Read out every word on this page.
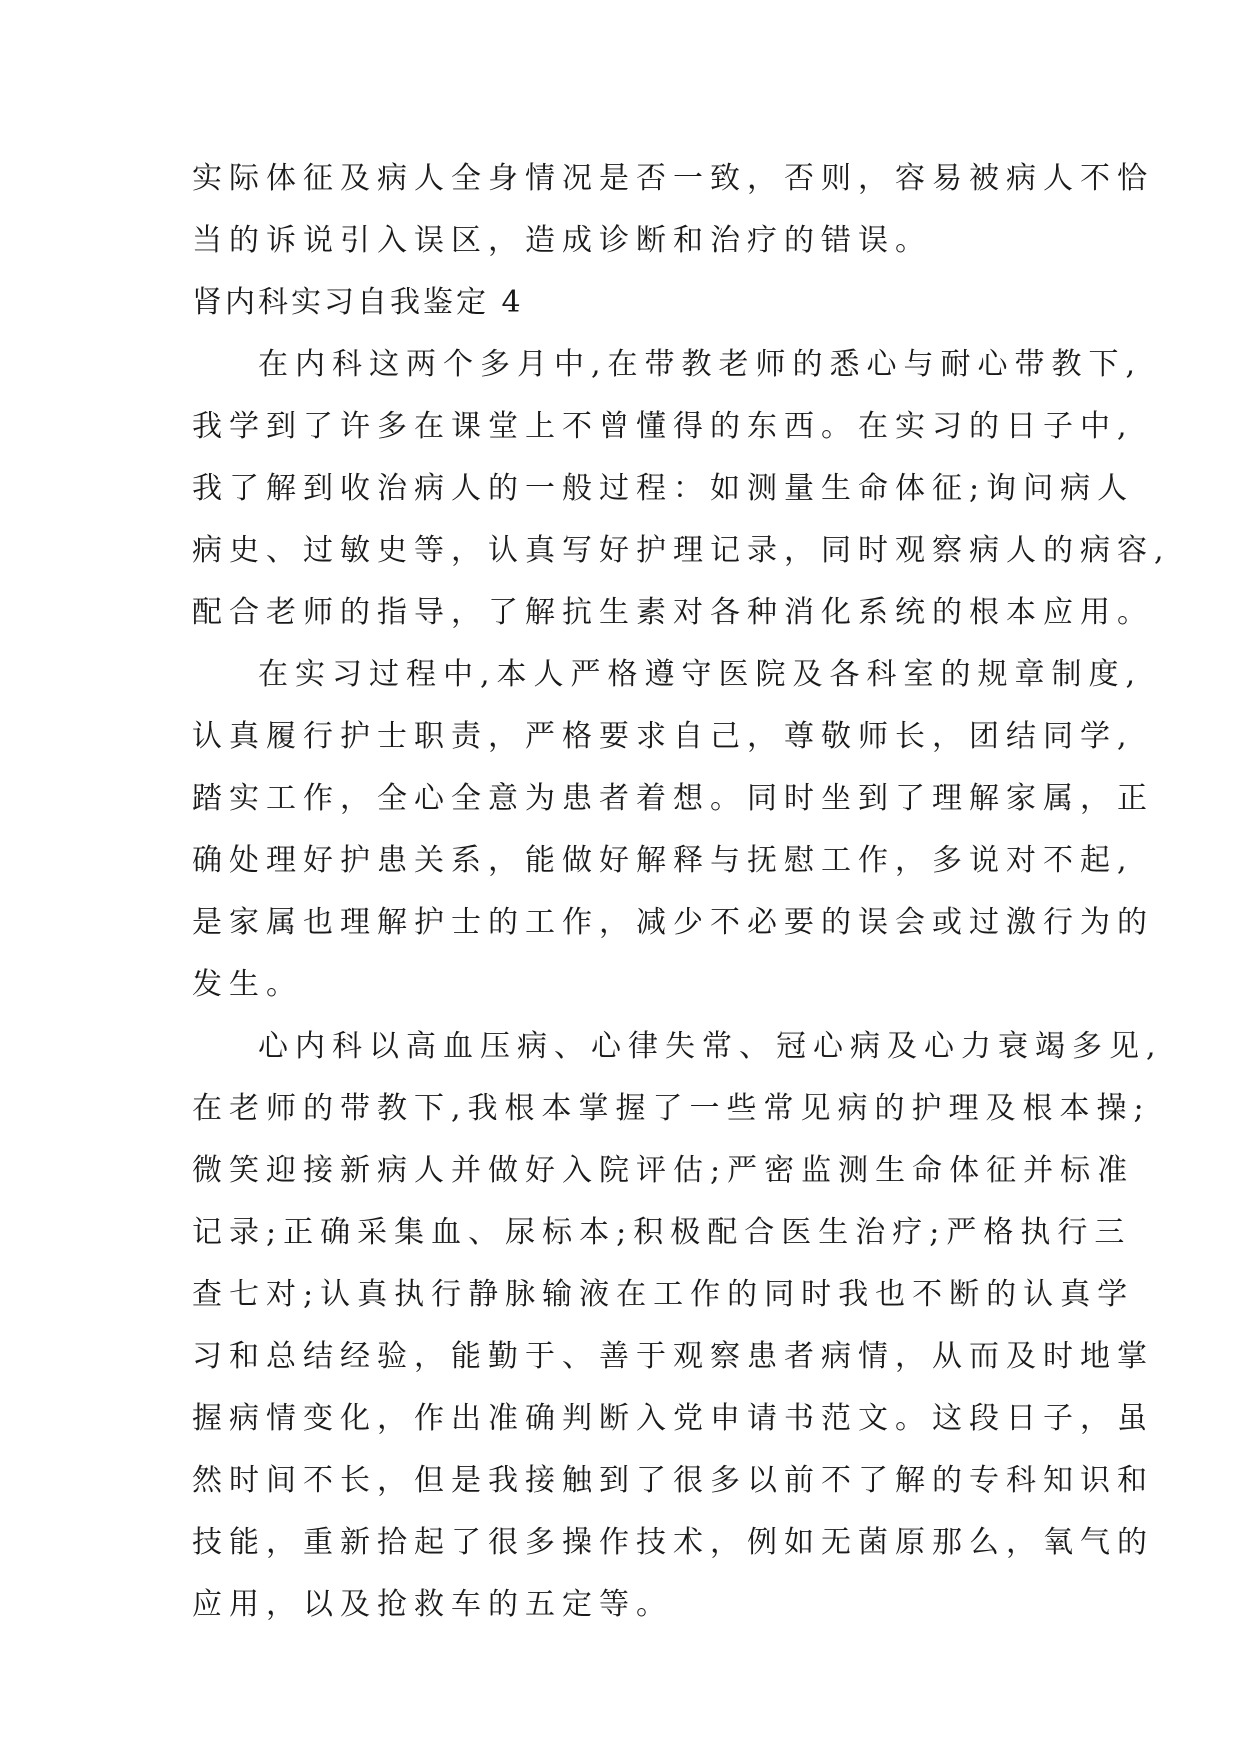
实际体征及病人全身情况是否一致，否则，容易被病人不恰
当的诉说引入误区，造成诊断和治疗的错误。
肾内科实习自我鉴定 4
在内科这两个多月中,在带教老师的悉心与耐心带教下,
我学到了许多在课堂上不曾懂得的东西。在实习的日子中,
我了解到收治病人的一般过程：如测量生命体征;询问病人
病史、过敏史等，认真写好护理记录，同时观察病人的病容,
配合老师的指导，了解抗生素对各种消化系统的根本应用。
在实习过程中,本人严格遵守医院及各科室的规章制度,
认真履行护士职责，严格要求自己，尊敬师长，团结同学,
踏实工作，全心全意为患者着想。同时坐到了理解家属，正
确处理好护患关系，能做好解释与抚慰工作，多说对不起,
是家属也理解护士的工作，减少不必要的误会或过激行为的
发生。
心内科以高血压病、心律失常、冠心病及心力衰竭多见,
在老师的带教下,我根本掌握了一些常见病的护理及根本操;
微笑迎接新病人并做好入院评估;严密监测生命体征并标准
记录;正确采集血、尿标本;积极配合医生治疗;严格执行三
查七对;认真执行静脉输液在工作的同时我也不断的认真学
习和总结经验，能勤于、善于观察患者病情，从而及时地掌
握病情变化，作出准确判断入党申请书范文。这段日子，虽
然时间不长，但是我接触到了很多以前不了解的专科知识和
技能，重新拾起了很多操作技术，例如无菌原那么，氧气的
应用，以及抢救车的五定等。
